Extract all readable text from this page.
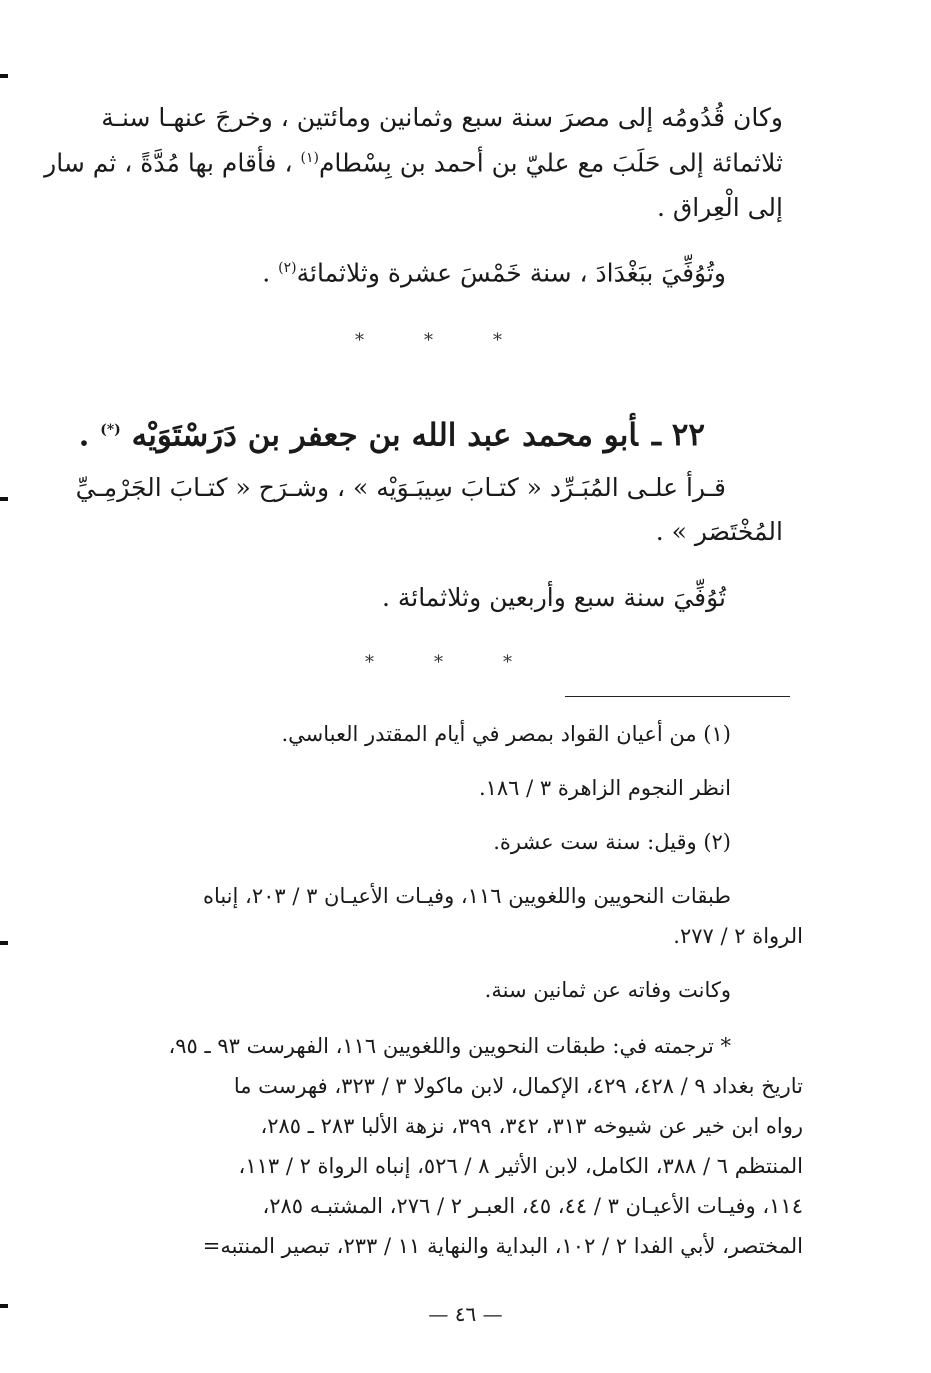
وكان قُدُومُه إلى مصرَ سنة سبع وثمانين ومائتين ، وخرجَ عنهـا سنـة
ثلاثمائة إلى حَلَبَ مع عليّ بن أحمد بن بِسْطام$^{(١)}$ ، فأقام بها مُدَّةً ، ثم سار
إلى الْعِراق .
وتُوُفِّيَ ببَغْدَادَ ، سنة خَمْسَ عشرة وثلاثمائة$^{(٢)}$ .
*	*	*
٢٢ ـأبو محمد عبد الله بن جعفر بن دَرَسْتَوَيْه (*) .
قـرأ علـى المُبَـرِّد « كتـابَ سِيبَـوَيْه » ، وشـرَح « كتـابَ الجَرْمِـيِّ
المُخْتَصَر » .
تُوُفِّيَ سنة سبع وأربعين وثلاثمائة .
*	*	*
(١) من أعيان القواد بمصر في أيام المقتدر العباسي.
انظر النجوم الزاهرة ٣ / ١٨٦.
(٢) وقيل: سنة ست عشرة.
طبقات النحويين واللغويين ١١٦، وفيـات الأعيـان ٣ / ٢٠٣، إنباه
الرواة ٢ / ٢٧٧.
وكانت وفاته عن ثمانين سنة.
* ترجمته في: طبقات النحويين واللغويين ١١٦، الفهرست ٩٣ ـ ٩٥،
تاريخ بغداد ٩ / ٤٢٨، ٤٢٩، الإكمال، لابن ماكولا ٣ / ٣٢٣، فهرست ما
رواه ابن خير عن شيوخه ٣١٣، ٣٤٢، ٣٩٩، نزهة الألبا ٢٨٣ ـ ٢٨٥،
المنتظم ٦ / ٣٨٨، الكامل، لابن الأثير ٨ / ٥٢٦، إنباه الرواة ٢ / ١١٣،
١١٤، وفيـات الأعيـان ٣ / ٤٤، ٤٥، العبـر ٢ / ٢٧٦، المشتبـه ٢٨٥،
المختصر، لأبي الفدا ٢ / ١٠٢، البداية والنهاية ١١ / ٢٣٣، تبصير المنتبه=
— ٤٦ —
